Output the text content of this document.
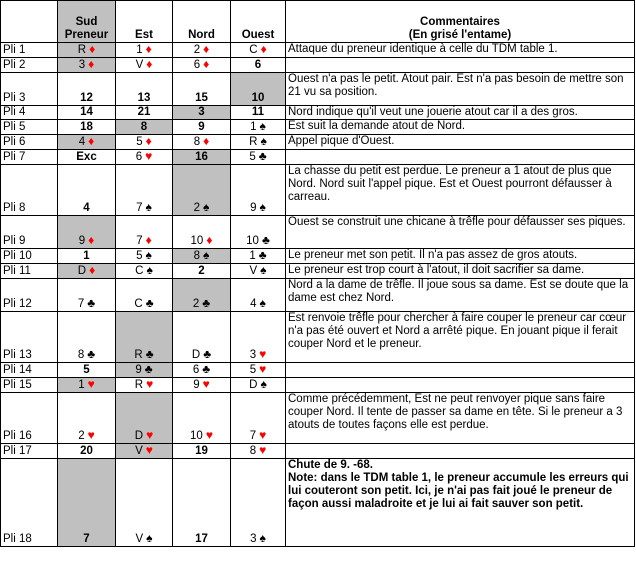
	Sud Preneur	Est	Nord	Ouest	Commentaires
(En grisé l'entame)

Pli 1	R ♦	1 ♦	2 ♦	C ♦	Attaque du preneur identique à celle du TDM table 1.
Pli 2	3 ♦	V ♦	6 ♦	6	
Pli 3	12	13	15	10	Ouest n'a pas le petit. Atout pair. Est n'a pas besoin de mettre son 21 vu sa position.
Pli 4	14	21	3	11	Nord indique qu'il veut une jouerie atout car il a des gros.
Pli 5	18	8	9	1 ♠	Est suit la demande atout de Nord.
Pli 6	4 ♦	5 ♦	8 ♦	R ♠	Appel pique d'Ouest.
Pli 7	Exc	6 ♥	16	5 ♣	
Pli 8	4	7 ♠	2 ♠	9 ♠	La chasse du petit est perdue. Le preneur a 1 atout de plus que Nord. Nord suit l'appel pique. Est et Ouest pourront défausser à carreau.
Pli 9	9 ♦	7 ♦	10 ♦	10 ♣	Ouest se construit une chicane à trêfle pour défausser ses piques.
Pli 10	1	5 ♠	8 ♠	1 ♣	Le preneur met son petit. Il n'a pas assez de gros atouts.
Pli 11	D ♦	C ♠	2	V ♠	Le preneur est trop court à l'atout, il doit sacrifier sa dame.
Pli 12	7 ♣	C ♣	2 ♣	4 ♠	Nord a la dame de trêfle. Il joue sous sa dame. Est se doute que la dame est chez Nord.
Pli 13	8 ♣	R ♣	D ♣	3 ♥	Est renvoie trêfle pour chercher à faire couper le preneur car cœur n'a pas été ouvert et Nord a arrêté pique. En jouant pique il ferait couper Nord et le preneur.
Pli 14	5	9 ♣	6 ♣	5 ♥	
Pli 15	1 ♥	R ♥	9 ♥	D ♠	
Pli 16	2 ♥	D ♥	10 ♥	7 ♥	Comme précédemment, Est ne peut renvoyer pique sans faire couper Nord. Il tente de passer sa dame en tête. Si le preneur a 3 atouts de toutes façons elle est perdue.
Pli 17	20	V ♥	19	8 ♥	
Pli 18	7	V ♠	17	3 ♠	Chute de 9. -68.
Note: dans le TDM table 1, le preneur accumule les erreurs qui lui couteront son petit. Ici, je n'ai pas fait joué le preneur de façon aussi maladroite et je lui ai fait sauver son petit.
